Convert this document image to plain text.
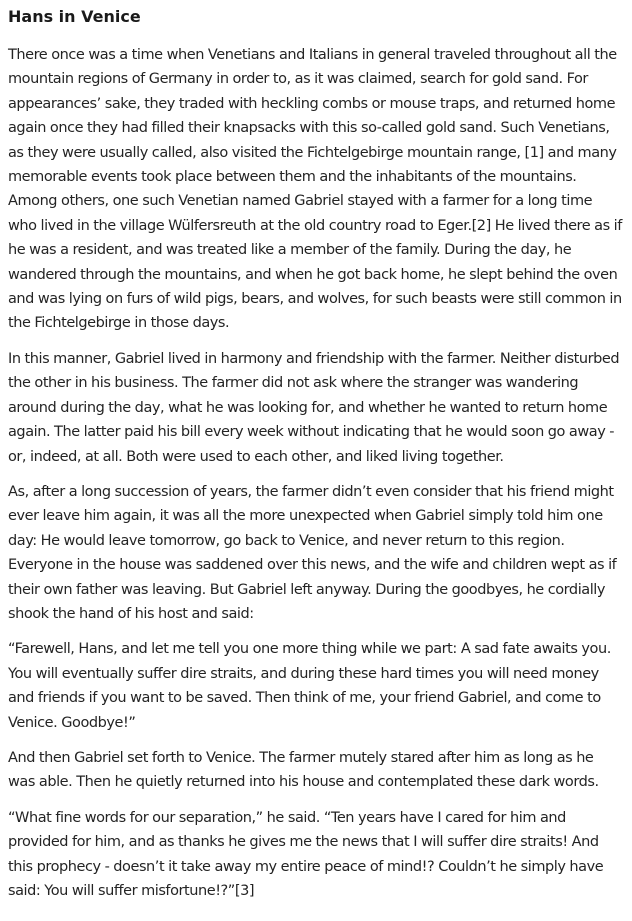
Hans in Venice

There once was a time when Venetians and Italians in general traveled throughout all the mountain regions of Germany in order to, as it was claimed, search for gold sand. For appearances’ sake, they traded with heckling combs or mouse traps, and returned home again once they had filled their knapsacks with this so-called gold sand. Such Venetians, as they were usually called, also visited the Fichtelgebirge mountain range, [1] and many memorable events took place between them and the inhabitants of the mountains. Among others, one such Venetian named Gabriel stayed with a farmer for a long time who lived in the village Wülfersreuth at the old country road to Eger.[2] He lived there as if he was a resident, and was treated like a member of the family. During the day, he wandered through the mountains, and when he got back home, he slept behind the oven and was lying on furs of wild pigs, bears, and wolves, for such beasts were still common in the Fichtelgebirge in those days.

In this manner, Gabriel lived in harmony and friendship with the farmer. Neither disturbed the other in his business. The farmer did not ask where the stranger was wandering around during the day, what he was looking for, and whether he wanted to return home again. The latter paid his bill every week without indicating that he would soon go away - or, indeed, at all. Both were used to each other, and liked living together.

As, after a long succession of years, the farmer didn’t even consider that his friend might ever leave him again, it was all the more unexpected when Gabriel simply told him one day: He would leave tomorrow, go back to Venice, and never return to this region. Everyone in the house was saddened over this news, and the wife and children wept as if their own father was leaving. But Gabriel left anyway. During the goodbyes, he cordially shook the hand of his host and said:

“Farewell, Hans, and let me tell you one more thing while we part: A sad fate awaits you. You will eventually suffer dire straits, and during these hard times you will need money and friends if you want to be saved. Then think of me, your friend Gabriel, and come to Venice. Goodbye!”

And then Gabriel set forth to Venice. The farmer mutely stared after him as long as he was able. Then he quietly returned into his house and contemplated these dark words.

“What fine words for our separation,” he said. “Ten years have I cared for him and provided for him, and as thanks he gives me the news that I will suffer dire straits! And this prophecy - doesn’t it take away my entire peace of mind!? Couldn’t he simply have said: You will suffer misfortune!?”[3]
